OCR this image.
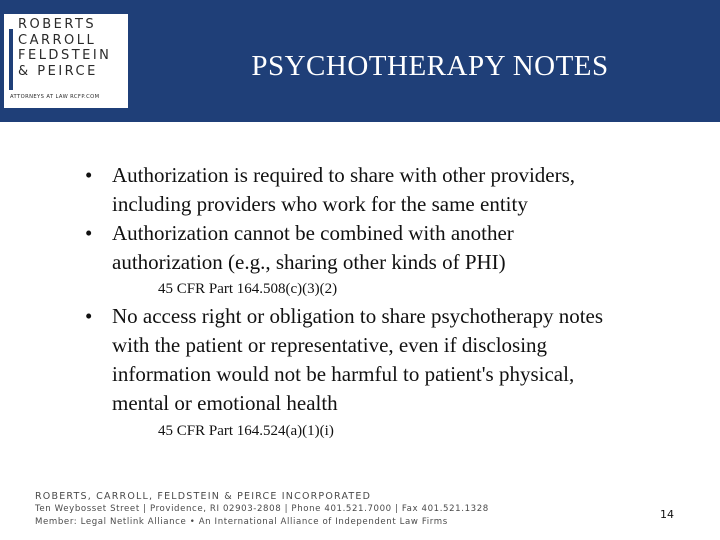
ROBERTS
CARROLL
FELDSTEIN
& PEIRCE
ATTORNEYS AT LAW RCFP.COM
PSYCHOTHERAPY NOTES
• Authorization is required to share with other providers,
including providers who work for the same entity
• Authorization cannot be combined with another
authorization (e.g., sharing other kinds of PHI)
45 CFR Part 164.508(c)(3)(2)
• No access right or obligation to share psychotherapy notes
with the patient or representative, even if disclosing
information would not be harmful to patient's physical,
mental or emotional health
45 CFR Part 164.524(a)(1)(i)
ROBERTS, CARROLL, FELDSTEIN & PEIRCE INCORPORATED
Ten Weybosset Street | Providence, RI 02903-2808 | Phone 401.521.7000 | Fax 401.521.1328
Member: Legal Netlink Alliance • An International Alliance of Independent Law Firms
14
